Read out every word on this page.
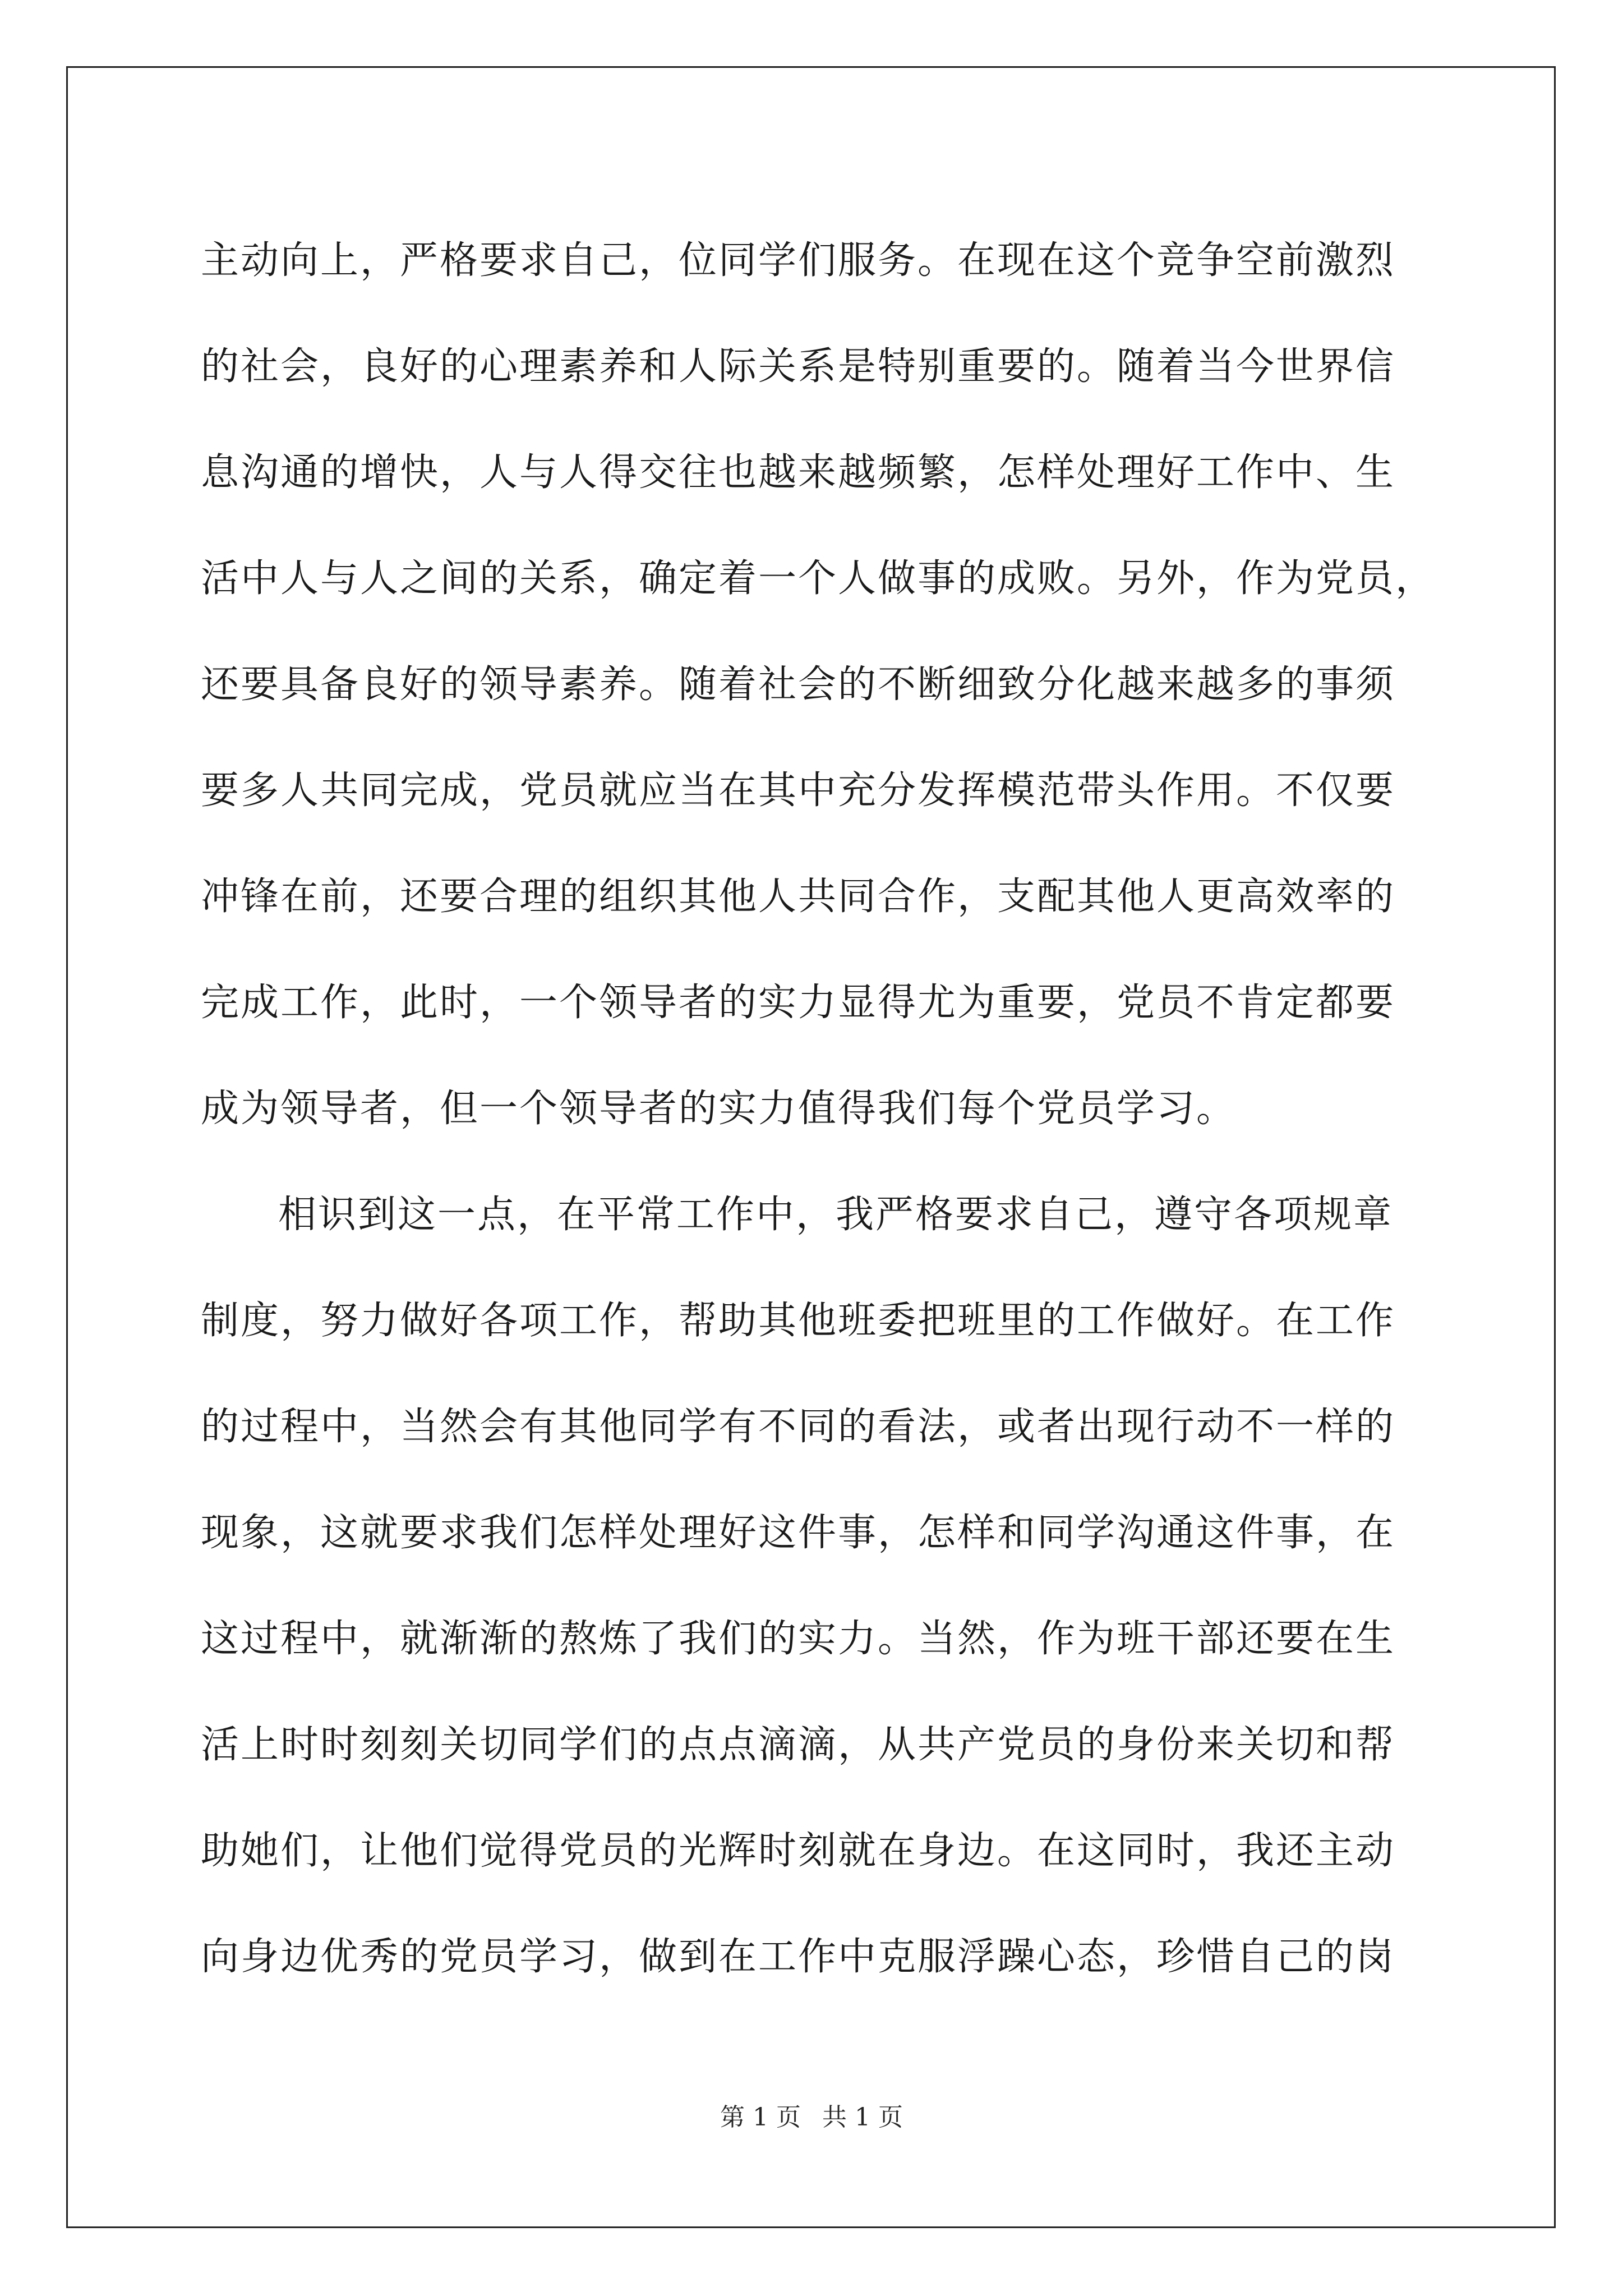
主动向上，严格要求自己，位同学们服务。在现在这个竞争空前激烈
的社会，良好的心理素养和人际关系是特别重要的。随着当今世界信
息沟通的增快，人与人得交往也越来越频繁，怎样处理好工作中、生
活中人与人之间的关系，确定着一个人做事的成败。另外，作为党员，
还要具备良好的领导素养。随着社会的不断细致分化越来越多的事须
要多人共同完成，党员就应当在其中充分发挥模范带头作用。不仅要
冲锋在前，还要合理的组织其他人共同合作，支配其他人更高效率的
完成工作，此时，一个领导者的实力显得尤为重要，党员不肯定都要
成为领导者，但一个领导者的实力值得我们每个党员学习。
相识到这一点，在平常工作中，我严格要求自己，遵守各项规章
制度，努力做好各项工作，帮助其他班委把班里的工作做好。在工作
的过程中，当然会有其他同学有不同的看法，或者出现行动不一样的
现象，这就要求我们怎样处理好这件事，怎样和同学沟通这件事，在
这过程中，就渐渐的熬炼了我们的实力。当然，作为班干部还要在生
活上时时刻刻关切同学们的点点滴滴，从共产党员的身份来关切和帮
助她们，让他们觉得党员的光辉时刻就在身边。在这同时，我还主动
向身边优秀的党员学习，做到在工作中克服浮躁心态，珍惜自己的岗
第 1 页 共 1 页
